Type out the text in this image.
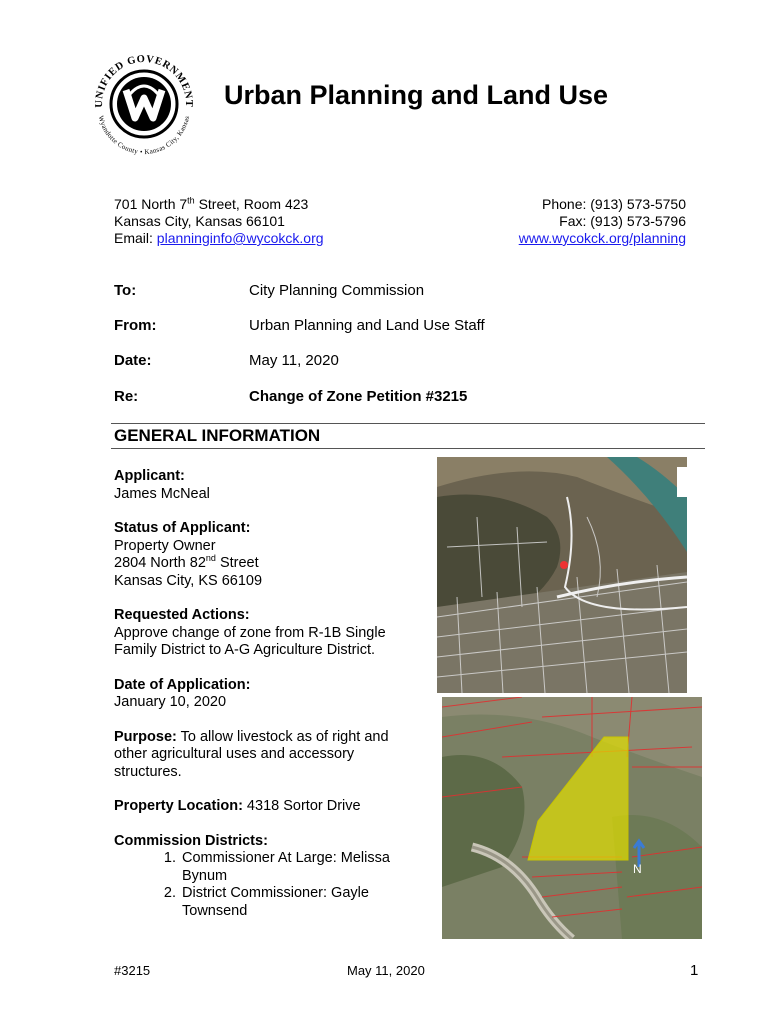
UNIFIED GOVERNMENT
Wyandotte County • Kansas City, Kansas
Urban Planning and Land Use
701 North 7th Street, Room 423
Kansas City, Kansas 66101
Email: planninginfo@wycokck.org
Phone: (913) 573-5750
Fax: (913) 573-5796
www.wycokck.org/planning
To:	City Planning Commission
From:	Urban Planning and Land Use Staff
Date:	May 11, 2020
Re:	Change of Zone Petition #3215
GENERAL INFORMATION

Applicant:
James McNeal

Status of Applicant:
Property Owner
2804 North 82nd Street
Kansas City, KS 66109

Requested Actions:
Approve change of zone from R-1B Single Family District to A-G Agriculture District.

Date of Application:
January 10, 2020

Purpose: To allow livestock as of right and other agricultural uses and accessory structures.

Property Location: 4318 Sortor Drive

Commission Districts:
1. Commissioner At Large: Melissa Bynum
2. District Commissioner: Gayle Townsend
N
#3215	May 11, 2020	1
